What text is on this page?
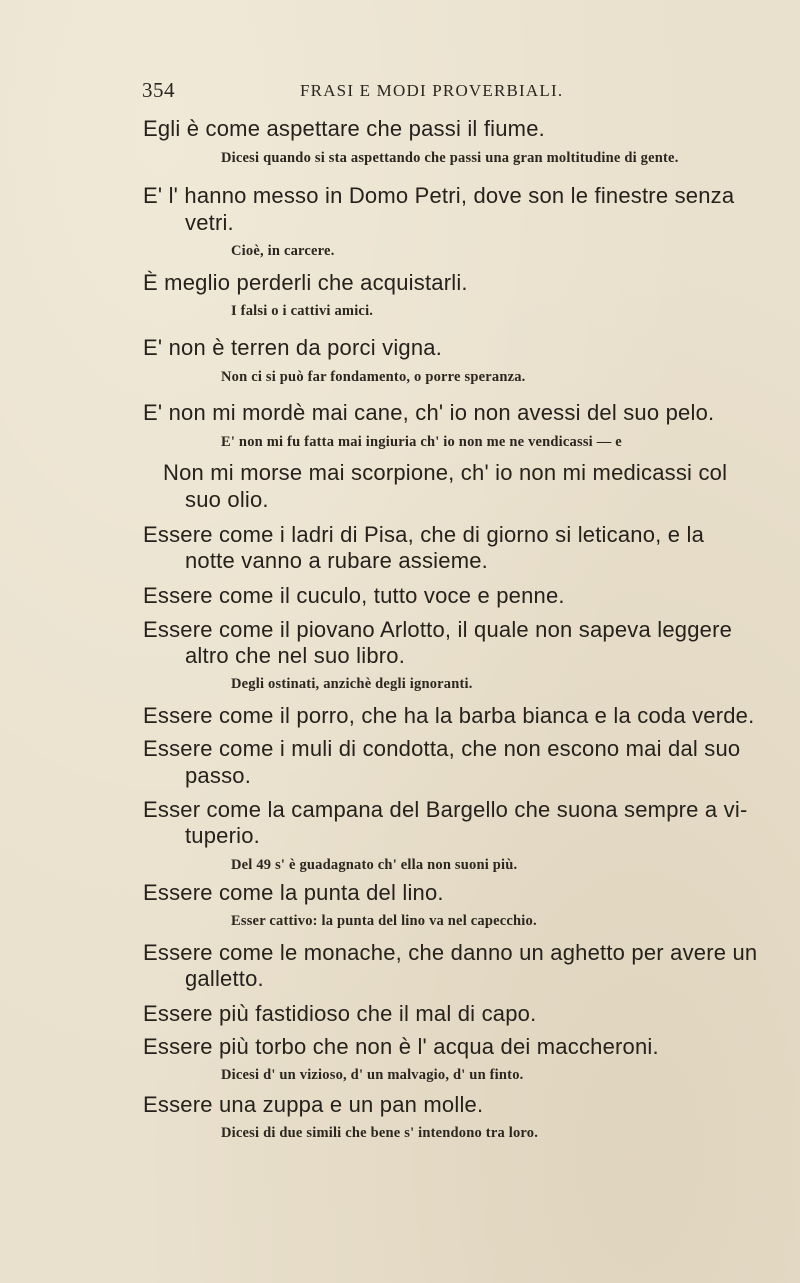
354	FRASI E MODI PROVERBIALI.
Egli è come aspettare che passi il fiume.
Dicesi quando si sta aspettando che passi una gran moltitudine di gente.
E' l' hanno messo in Domo Petri, dove son le finestre senza
vetri.
Cioè, in carcere.
È meglio perderli che acquistarli.
I falsi o i cattivi amici.
E' non è terren da porci vigna.
Non ci si può far fondamento, o porre speranza.
E' non mi mordè mai cane, ch' io non avessi del suo pelo.
E' non mi fu fatta mai ingiuria ch' io non me ne vendicassi — e
Non mi morse mai scorpione, ch' io non mi medicassi col
suo olio.
Essere come i ladri di Pisa, che di giorno si leticano, e la
notte vanno a rubare assieme.
Essere come il cuculo, tutto voce e penne.
Essere come il piovano Arlotto, il quale non sapeva leggere
altro che nel suo libro.
Degli ostinati, anzichè degli ignoranti.
Essere come il porro, che ha la barba bianca e la coda verde.
Essere come i muli di condotta, che non escono mai dal suo
passo.
Esser come la campana del Bargello che suona sempre a vi-
tuperio.
Del 49 s' è guadagnato ch' ella non suoni più.
Essere come la punta del lino.
Esser cattivo: la punta del lino va nel capecchio.
Essere come le monache, che danno un aghetto per avere un
galletto.
Essere più fastidioso che il mal di capo.
Essere più torbo che non è l' acqua dei maccheroni.
Dicesi d' un vizioso, d' un malvagio, d' un finto.
Essere una zuppa e un pan molle.
Dicesi di due simili che bene s' intendono tra loro.
